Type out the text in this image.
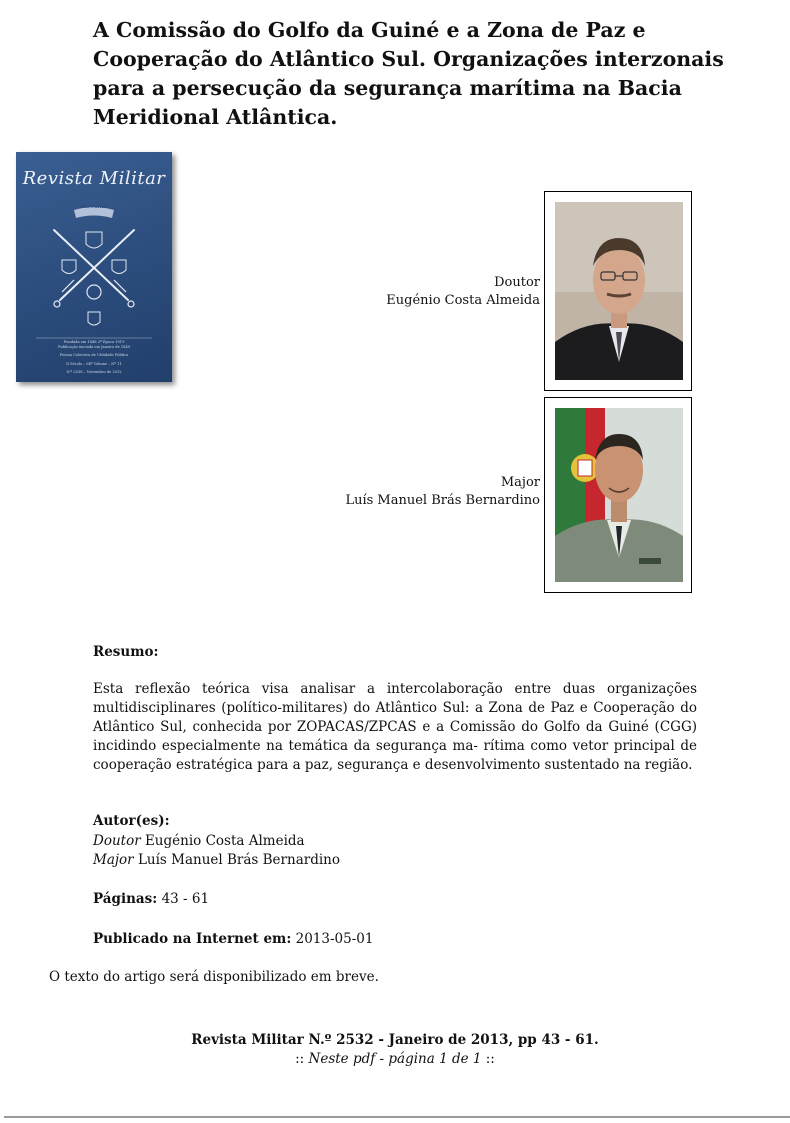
A Comissão do Golfo da Guiné e a Zona de Paz e Cooperação do Atlântico Sul. Organizações interzonais para a persecução da segurança marítima na Bacia Meridional Atlântica.
Revista Militar
PRO PATRIA
Fundada em 1848 2ª Época 1919
Publicação iniciada em Janeiro de 1849
Pessoa Colectiva de Utilidade Pública
II Sécolo – 64º Volume – Nº 11
N.º 2538 – Novembro de 2012
Doutor
Eugénio Costa Almeida
Major
Luís Manuel Brás Bernardino
Resumo:
Esta reflexão teórica visa analisar a intercolaboração entre duas organizações multidisciplinares (político-militares) do Atlântico Sul: a Zona de Paz e Cooperação do Atlântico Sul, conhecida por ZOPACAS/ZPCAS e a Comissão do Golfo da Guiné (CGG) incidindo especialmente na temática da segurança ma- rítima como vetor principal de cooperação estratégica para a paz, segurança e desenvolvimento sustentado na região.
Autor(es):
Doutor Eugénio Costa Almeida
Major Luís Manuel Brás Bernardino
Páginas: 43 - 61
Publicado na Internet em: 2013-05-01
O texto do artigo será disponibilizado em breve.
Revista Militar N.º 2532 - Janeiro de 2013, pp 43 - 61.
:: Neste pdf - página 1 de 1 ::
